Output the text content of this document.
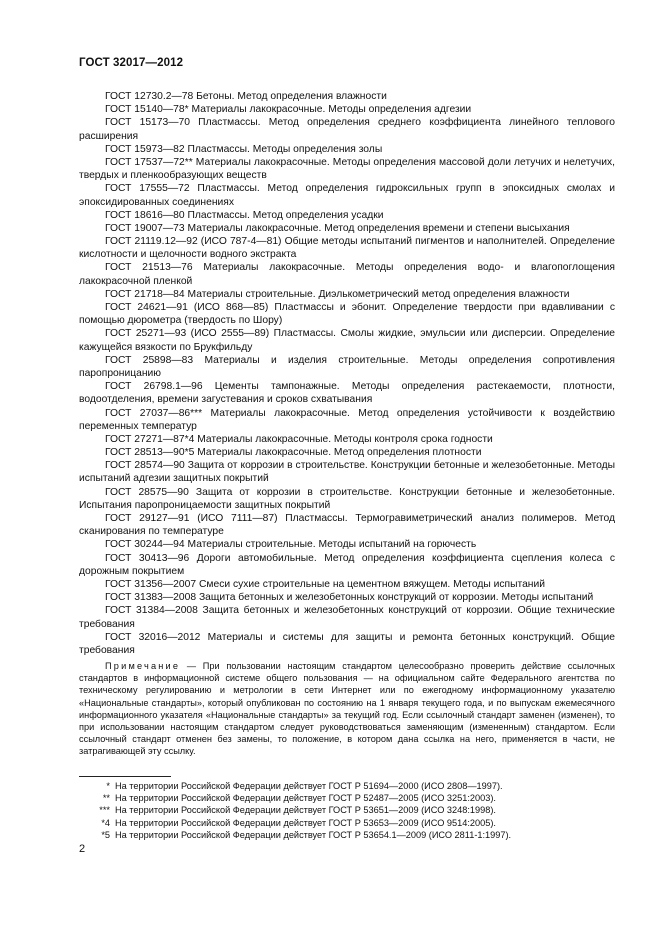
ГОСТ 32017—2012
ГОСТ 12730.2—78 Бетоны. Метод определения влажности
ГОСТ 15140—78* Материалы лакокрасочные. Методы определения адгезии
ГОСТ 15173—70 Пластмассы. Метод определения среднего коэффициента линейного теплового расширения
ГОСТ 15973—82 Пластмассы. Методы определения золы
ГОСТ 17537—72** Материалы лакокрасочные. Методы определения массовой доли летучих и нелетучих, твердых и пленкообразующих веществ
ГОСТ 17555—72 Пластмассы. Метод определения гидроксильных групп в эпоксидных смолах и эпоксидированных соединениях
ГОСТ 18616—80 Пластмассы. Метод определения усадки
ГОСТ 19007—73 Материалы лакокрасочные. Метод определения времени и степени высыхания
ГОСТ 21119.12—92 (ИСО 787-4—81) Общие методы испытаний пигментов и наполнителей. Определение кислотности и щелочности водного экстракта
ГОСТ 21513—76 Материалы лакокрасочные. Методы определения водо- и влагопоглощения лакокрасочной пленкой
ГОСТ 21718—84 Материалы строительные. Диэлькометрический метод определения влажности
ГОСТ 24621—91 (ИСО 868—85) Пластмассы и эбонит. Определение твердости при вдавливании с помощью дюрометра (твердость по Шору)
ГОСТ 25271—93 (ИСО 2555—89) Пластмассы. Смолы жидкие, эмульсии или дисперсии. Определение кажущейся вязкости по Брукфильду
ГОСТ 25898—83 Материалы и изделия строительные. Методы определения сопротивления паропроницанию
ГОСТ 26798.1—96 Цементы тампонажные. Методы определения растекаемости, плотности, водоотделения, времени загустевания и сроков схватывания
ГОСТ 27037—86*** Материалы лакокрасочные. Метод определения устойчивости к воздействию переменных температур
ГОСТ 27271—87*4 Материалы лакокрасочные. Методы контроля срока годности
ГОСТ 28513—90*5 Материалы лакокрасочные. Метод определения плотности
ГОСТ 28574—90 Защита от коррозии в строительстве. Конструкции бетонные и железобетонные. Методы испытаний адгезии защитных покрытий
ГОСТ 28575—90 Защита от коррозии в строительстве. Конструкции бетонные и железобетонные. Испытания паропроницаемости защитных покрытий
ГОСТ 29127—91 (ИСО 7111—87) Пластмассы. Термогравиметрический анализ полимеров. Метод сканирования по температуре
ГОСТ 30244—94 Материалы строительные. Методы испытаний на горючесть
ГОСТ 30413—96 Дороги автомобильные. Метод определения коэффициента сцепления колеса с дорожным покрытием
ГОСТ 31356—2007 Смеси сухие строительные на цементном вяжущем. Методы испытаний
ГОСТ 31383—2008 Защита бетонных и железобетонных конструкций от коррозии. Методы испытаний
ГОСТ 31384—2008 Защита бетонных и железобетонных конструкций от коррозии. Общие технические требования
ГОСТ 32016—2012 Материалы и системы для защиты и ремонта бетонных конструкций. Общие требования
Примечание — При пользовании настоящим стандартом целесообразно проверить действие ссылочных стандартов в информационной системе общего пользования — на официальном сайте Федерального агентства по техническому регулированию и метрологии в сети Интернет или по ежегодному информационному указателю «Национальные стандарты», который опубликован по состоянию на 1 января текущего года, и по выпускам ежемесячного информационного указателя «Национальные стандарты» за текущий год. Если ссылочный стандарт заменен (изменен), то при использовании настоящим стандартом следует руководствоваться заменяющим (измененным) стандартом. Если ссылочный стандарт отменен без замены, то положение, в котором дана ссылка на него, применяется в части, не затрагивающей эту ссылку.
* На территории Российской Федерации действует ГОСТ Р 51694—2000 (ИСО 2808—1997).
** На территории Российской Федерации действует ГОСТ Р 52487—2005 (ИСО 3251:2003).
*** На территории Российской Федерации действует ГОСТ Р 53651—2009 (ИСО 3248:1998).
*4 На территории Российской Федерации действует ГОСТ Р 53653—2009 (ИСО 9514:2005).
*5 На территории Российской Федерации действует ГОСТ Р 53654.1—2009 (ИСО 2811-1:1997).
2
